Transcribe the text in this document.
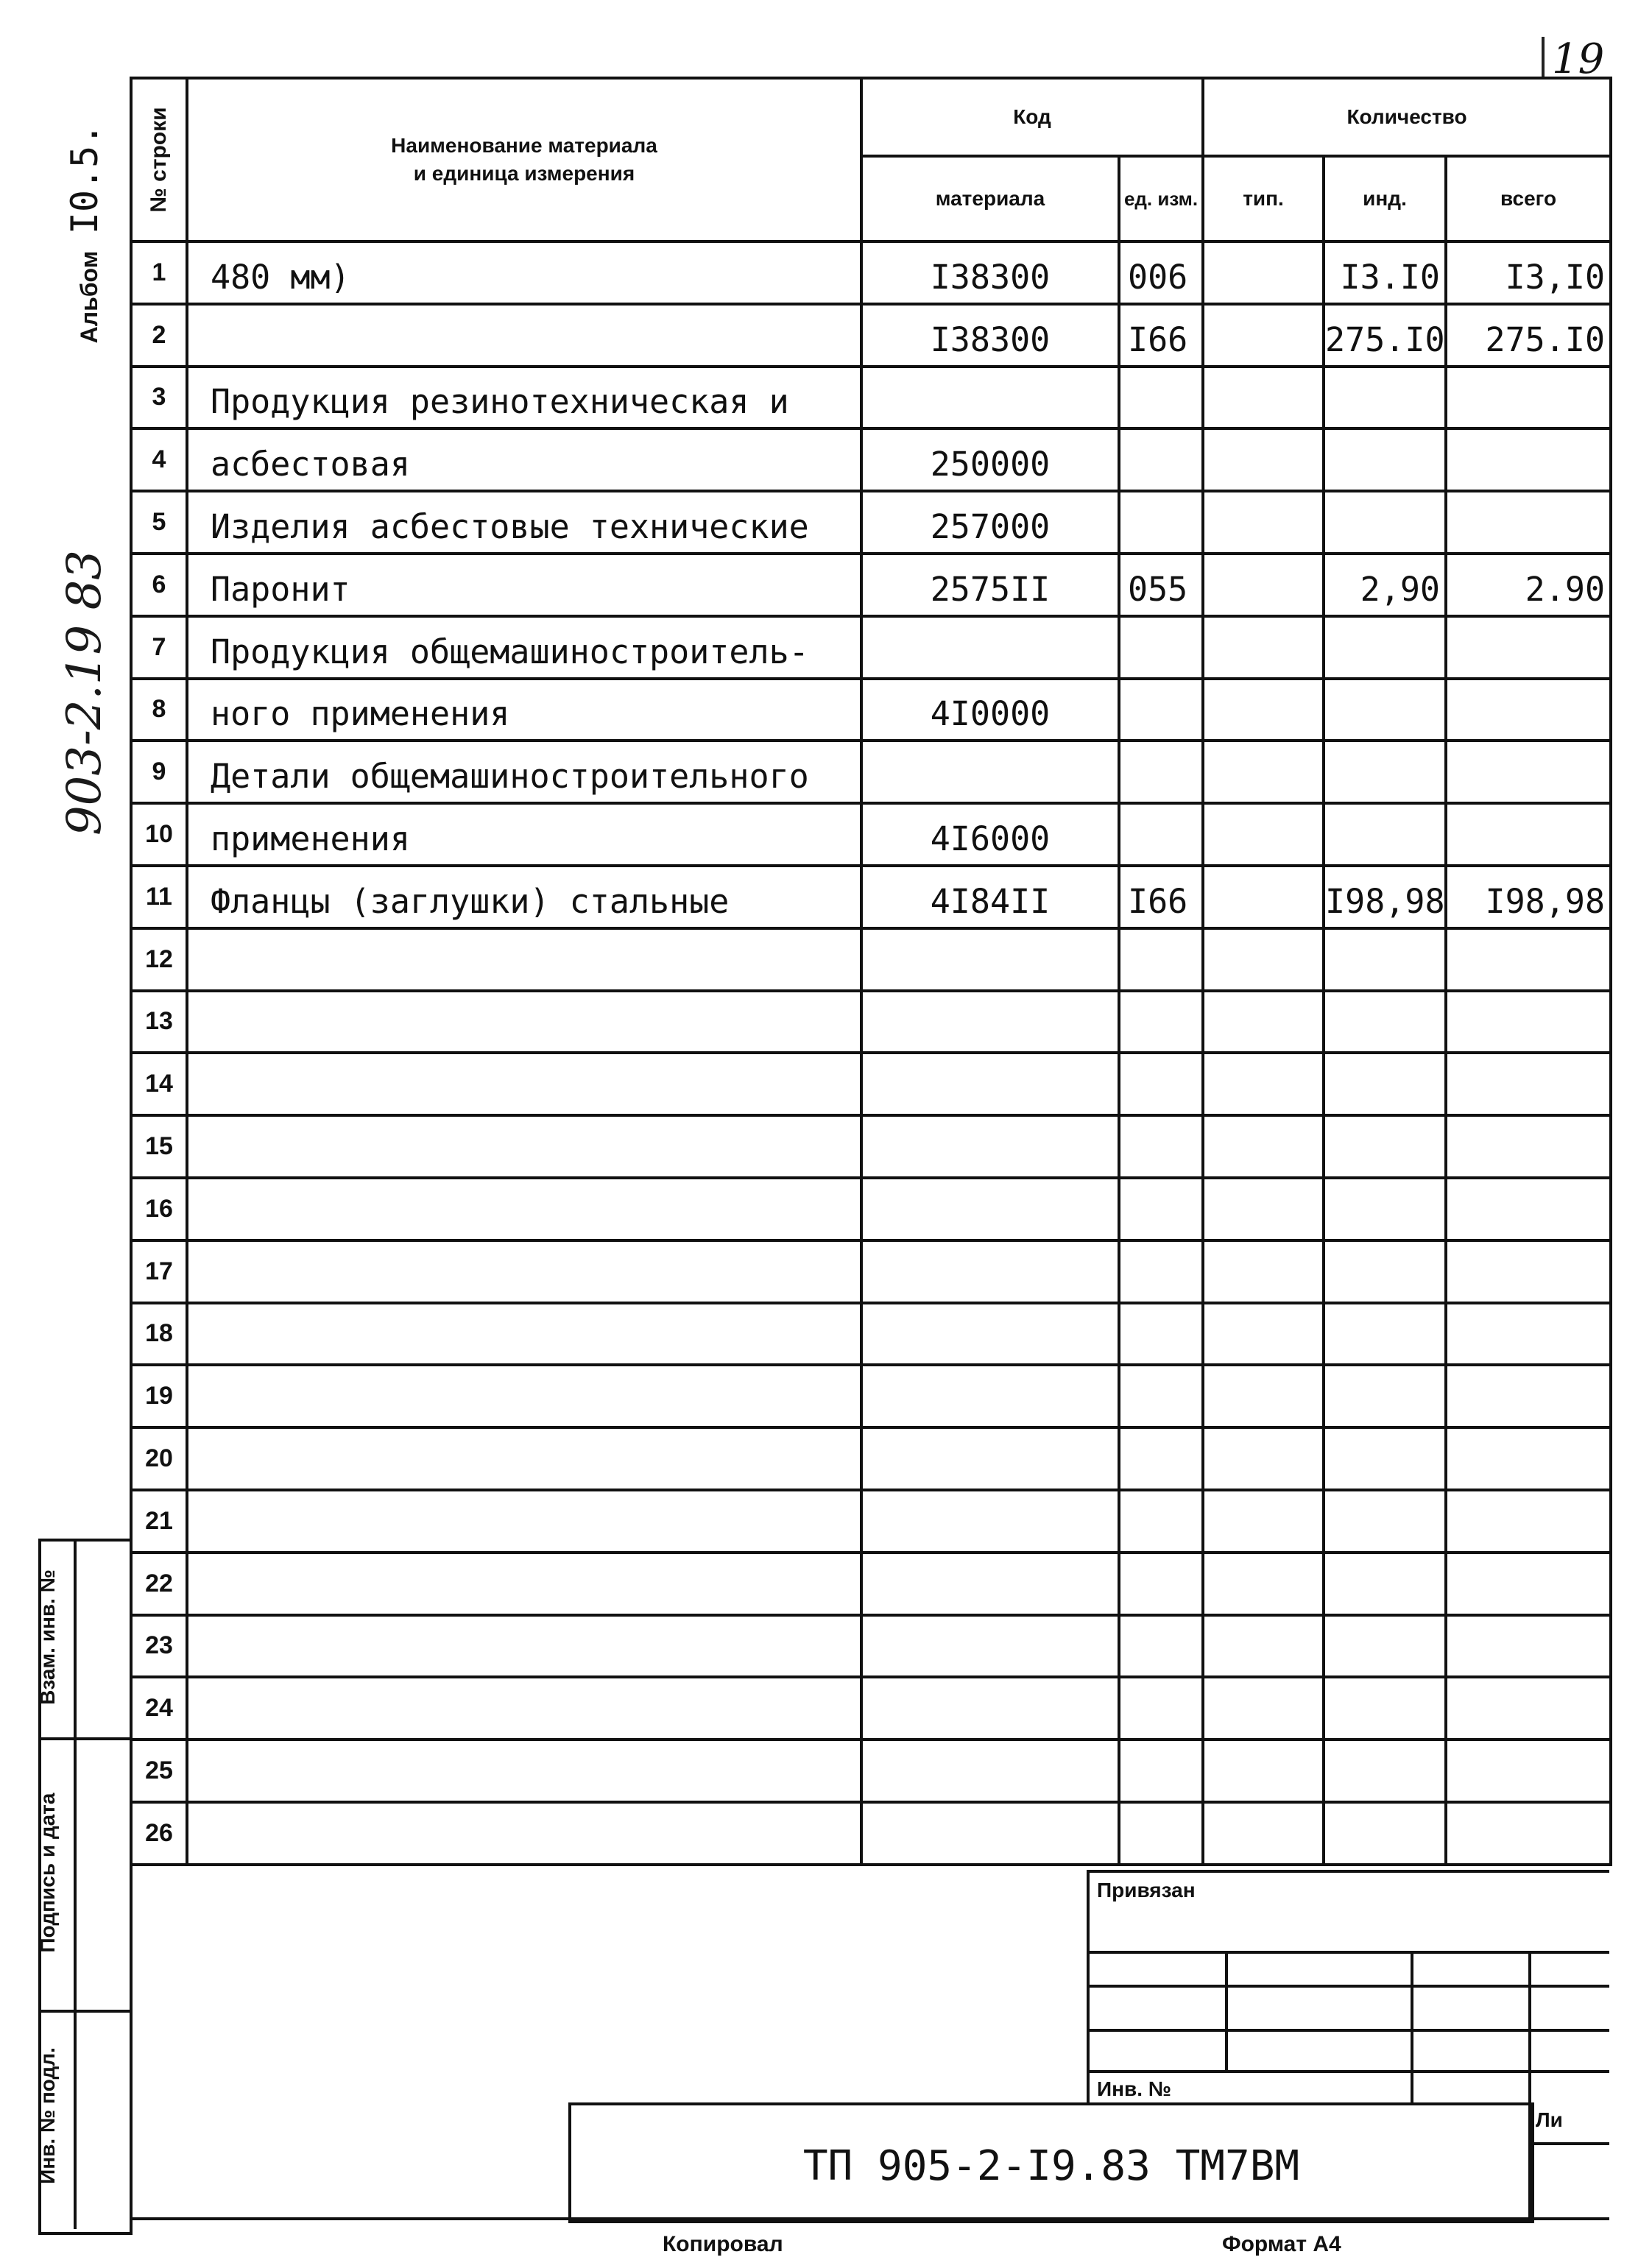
19
Альбом I0.5.
903-2.19 83
№ строки	Наименование материала
и единица измерения	Код		Количество		
		материала	ед. изм.	тип.	инд.	всего
1	480 мм)	I38300	006		I3.I0	I3,I0
2		I38300	I66		275.I0	275.I0
3	Продукция резинотехническая и					
4	асбестовая	250000				
5	Изделия асбестовые технические	257000				
6	Паронит	2575II	055		2,90	2.90
7	Продукция общемашиностроитель-					
8	ного применения	4I0000				
9	Детали общемашиностроительного					
10	применения	4I6000				
11	Фланцы (заглушки) стальные	4I84II	I66		I98,98	I98,98
12						
13						
14						
15						
16						
17						
18						
19						
20						
21						
22						
23						
24						
25						
26						
Взам. инв. №
Подпись и дата
Инв. № подл.
Привязан
Инв. №
ТП 905-2-I9.83 ТМ7ВМ
Ли
Копировал	Формат А4
